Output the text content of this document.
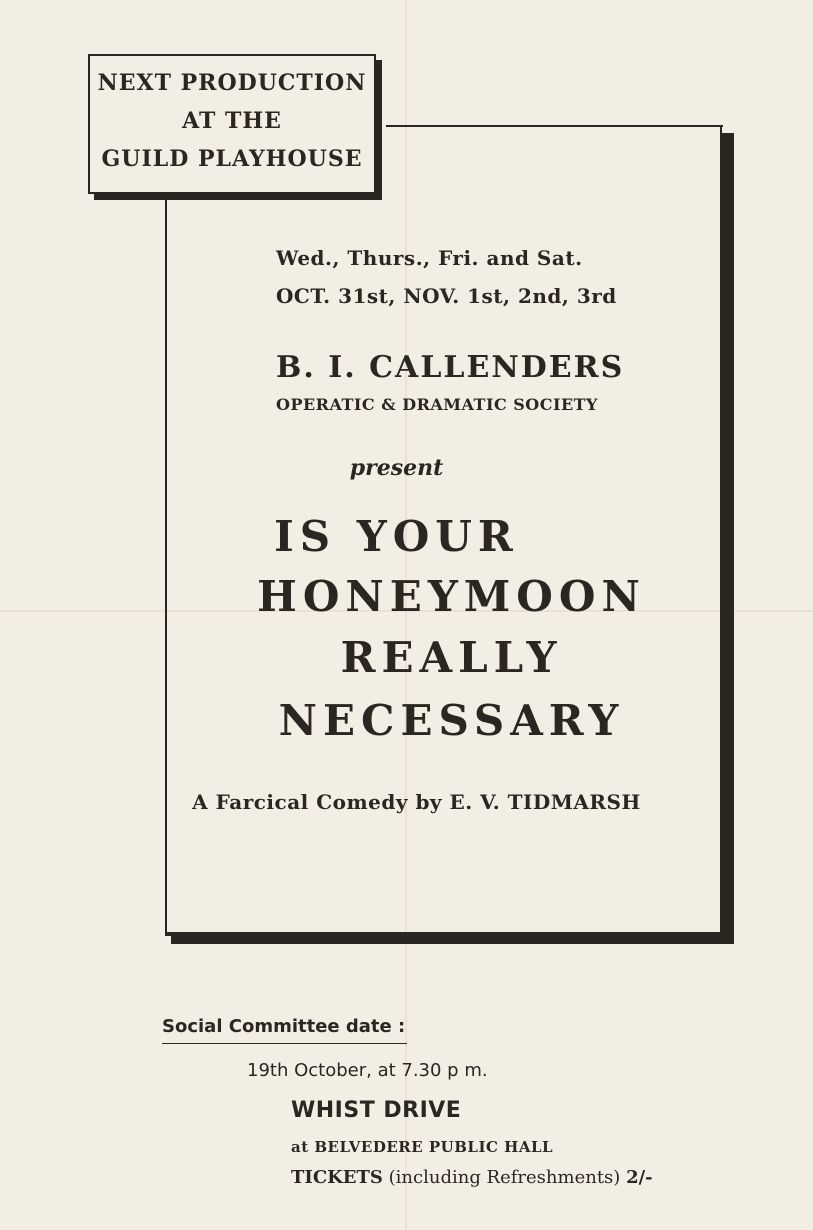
NEXT PRODUCTION
AT THE
GUILD PLAYHOUSE
Wed., Thurs., Fri. and Sat.
OCT. 31st, NOV. 1st, 2nd, 3rd
B. I. CALLENDERS
OPERATIC & DRAMATIC SOCIETY
present
IS YOUR
HONEYMOON
REALLY
NECESSARY
A Farcical Comedy by E. V. TIDMARSH
Social Committee date :
19th October, at 7.30 p m.
WHIST DRIVE
at BELVEDERE PUBLIC HALL
TICKETS (including Refreshments) 2/-
